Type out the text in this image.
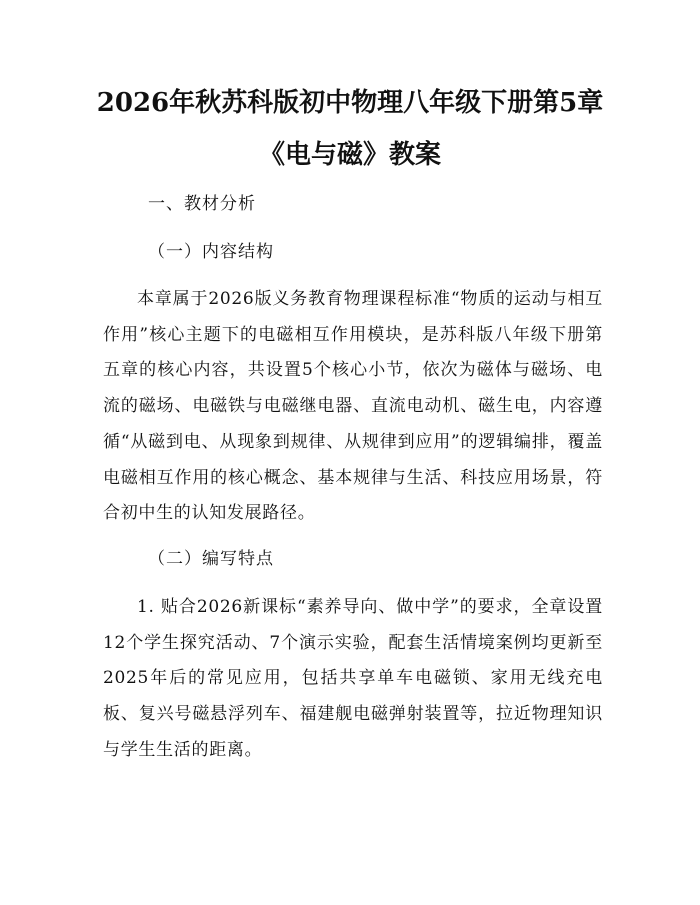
2026年秋苏科版初中物理八年级下册第5章
《电与磁》教案

一、教材分析

（一）内容结构

本章属于2026版义务教育物理课程标准“物质的运动与相互作用”核心主题下的电磁相互作用模块，是苏科版八年级下册第五章的核心内容，共设置5个核心小节，依次为磁体与磁场、电流的磁场、电磁铁与电磁继电器、直流电动机、磁生电，内容遵循“从磁到电、从现象到规律、从规律到应用”的逻辑编排，覆盖电磁相互作用的核心概念、基本规律与生活、科技应用场景，符合初中生的认知发展路径。

（二）编写特点

1. 贴合2026新课标“素养导向、做中学”的要求，全章设置12个学生探究活动、7个演示实验，配套生活情境案例均更新至2025年后的常见应用，包括共享单车电磁锁、家用无线充电板、复兴号磁悬浮列车、福建舰电磁弹射装置等，拉近物理知识与学生生活的距离。
